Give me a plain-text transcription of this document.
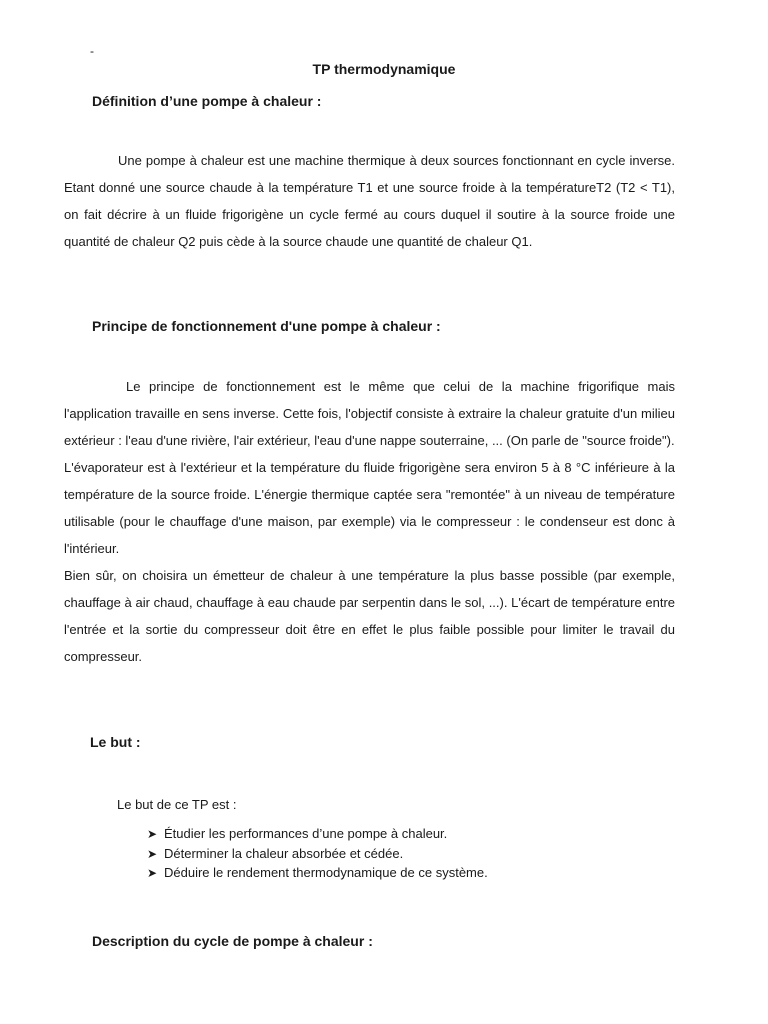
-
TP thermodynamique
Définition d’une pompe à chaleur :

Une pompe à chaleur est une machine thermique à deux sources fonctionnant en cycle inverse. Etant donné une source chaude à la température T1 et une source froide à la températureT2 (T2 < T1), on fait décrire à un fluide frigorigène un cycle fermé au cours duquel il soutire à la source froide une quantité de chaleur Q2 puis cède à la source chaude une quantité de chaleur Q1.

Principe de fonctionnement d'une pompe à chaleur :

Le principe de fonctionnement est le même que celui de la machine frigorifique mais l'application travaille en sens inverse. Cette fois, l'objectif consiste à extraire la chaleur gratuite d'un milieu extérieur : l'eau d'une rivière, l'air extérieur, l'eau d'une nappe souterraine, ... (On parle de "source froide").

L'évaporateur est à l'extérieur et la température du fluide frigorigène sera environ 5 à 8 °C inférieure à la température de la source froide. L'énergie thermique captée sera "remontée" à un niveau de température utilisable (pour le chauffage d'une maison, par exemple) via le compresseur : le condenseur est donc à l'intérieur.

Bien sûr, on choisira un émetteur de chaleur à une température la plus basse possible (par exemple, chauffage à air chaud, chauffage à eau chaude par serpentin dans le sol, ...). L'écart de température entre l'entrée et la sortie du compresseur doit être en effet le plus faible possible pour limiter le travail du compresseur.

Le but :
Le but de ce TP est :
➤ Étudier les performances d’une pompe à chaleur.
➤ Déterminer la chaleur absorbée et cédée.
➤ Déduire le rendement thermodynamique de ce système.
Description du cycle de pompe à chaleur :
